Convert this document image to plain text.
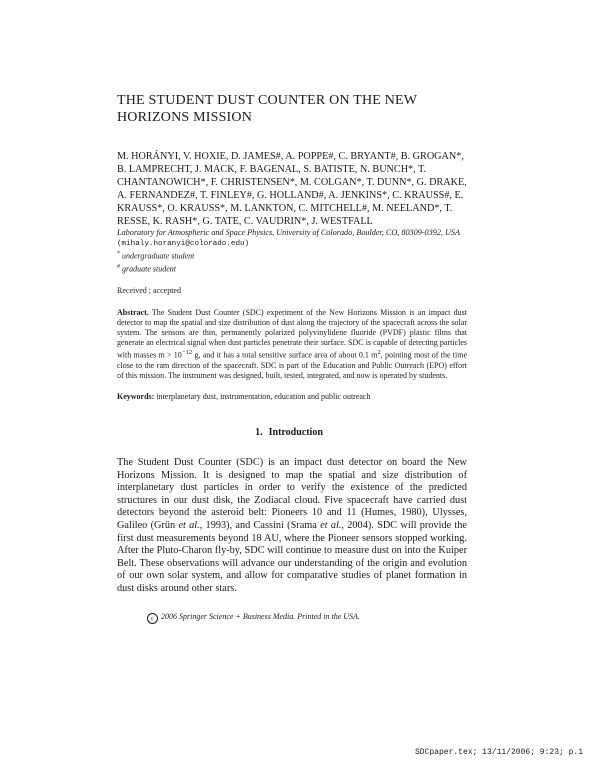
THE STUDENT DUST COUNTER ON THE NEW HORIZONS MISSION

M. HORÁNYI, V. HOXIE, D. JAMES#, A. POPPE#, C. BRYANT#, B. GROGAN*, B. LAMPRECHT, J. MACK, F. BAGENAL, S. BATISTE, N. BUNCH*, T. CHANTANOWICH*, F. CHRISTENSEN*, M. COLGAN*, T. DUNN*, G. DRAKE, A. FERNANDEZ#, T. FINLEY#, G. HOLLAND#, A. JENKINS*, C. KRAUSS#, E. KRAUSS*, O. KRAUSS*, M. LANKTON, C. MITCHELL#, M. NEELAND*, T. RESSE, K. RASH*, G. TATE, C. VAUDRIN*, J. WESTFALL

Laboratory for Atmospheric and Space Physics, University of Colorado, Boulder, CO, 80309-0392, USA (mihaly.horanyi@colorado.edu)

* undergraduate student

# graduate student

Received ; accepted

Abstract. The Student Dust Counter (SDC) experiment of the New Horizons Mission is an impact dust detector to map the spatial and size distribution of dust along the trajectory of the spacecraft across the solar system. The sensors are thin, permanently polarized polyvinylidene fluoride (PVDF) plastic films that generate an electrical signal when dust particles penetrate their surface. SDC is capable of detecting particles with masses $m > 10^{-12}$ g, and it has a total sensitive surface area of about 0.1 $m^2$, pointing most of the time close to the ram direction of the spacecraft. SDC is part of the Education and Public Outreach (EPO) effort of this mission. The instrument was designed, built, tested, integrated, and now is operated by students.

Keywords: interplanetary dust, instrumentation, education and public outreach

1. Introduction

The Student Dust Counter (SDC) is an impact dust detector on board the New Horizons Mission. It is designed to map the spatial and size distribution of interplanetary dust particles in order to verify the existence of the predicted structures in our dust disk, the Zodiacal cloud. Five spacecraft have carried dust detectors beyond the asteroid belt: Pioneers 10 and 11 (Humes, 1980), Ulysses, Galileo (Grün et al., 1993), and Cassini (Srama et al., 2004). SDC will provide the first dust measurements beyond 18 AU, where the Pioneer sensors stopped working. After the Pluto-Charon fly-by, SDC will continue to measure dust on into the Kuiper Belt. These observations will advance our understanding of the origin and evolution of our own solar system, and allow for comparative studies of planet formation in dust disks around other stars.

c 2006 Springer Science + Business Media. Printed in the USA.

SDCpaper.tex; 13/11/2006; 9:23; p.1
